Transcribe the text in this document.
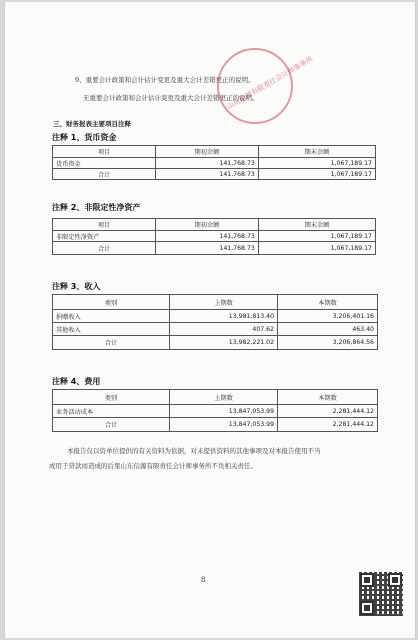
9、重要会计政策和会计估计变更及重大会计差错更正的说明。
无重要会计政策和会计估计变更及重大会计差错更正的说明。
山东信源有限责任会计师事务所
三、财务报表主要项目注释
注释 1、货币资金
项目	期初余额	期末余额
货币资金	141,768.73	1,067,189.17
合计	141,768.73	1,067,189.17
注释 2、非限定性净资产
项目	期初余额	期末余额
非限定性净资产	141,768.73	1,067,189.17
合计	141,768.73	1,067,189.17
注释 3、收入
类别	上期数	本期数
捐赠收入	13,981,813.40	3,206,401.16
其他收入	407.62	463.40
合计	13,982,221.02	3,206,864.56
注释 4、费用
类别	上期数	本期数
业务活动成本	13,847,053.99	2,281,444.12
合计	13,847,053.99	2,281,444.12
本报告仅以资单位提供的有关资料为依据，对未提供资料的其他事项及对本报告使用不当
或用于贷款而造成的后果山东信源有限责任会计师事务所不负相关责任。
8
